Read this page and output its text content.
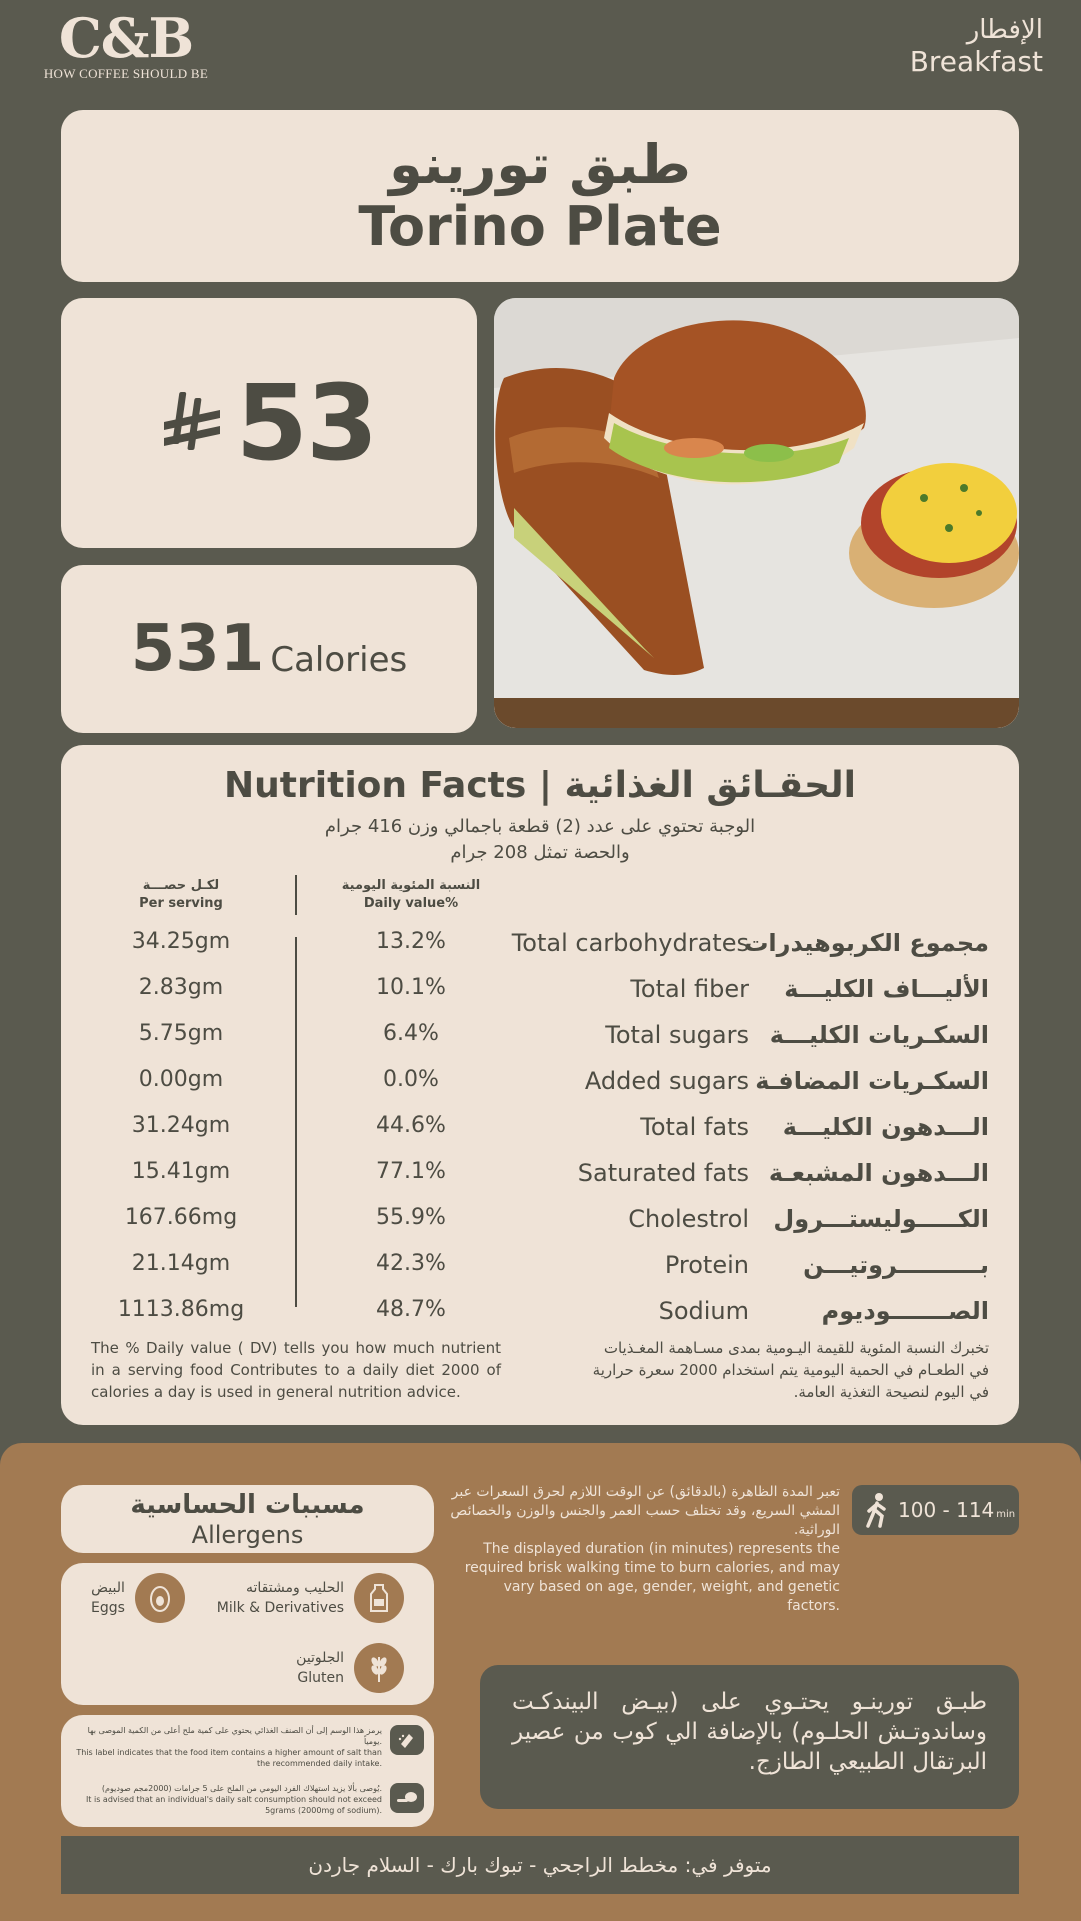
C&B
HOW COFFEE SHOULD BE
الإفطار
Breakfast
طبق تورينو
Torino Plate
53
531 Calories
Nutrition Facts | الحقـائق الغذائية
الوجبة تحتوي على عدد (2) قطعة باجمالي وزن 416 جرام
والحصة تمثل 208 جرام
لكـل حصـــة
Per serving
النسبة المئوية اليومية
Daily value%
34.25gm	13.2%	Total carbohydrates
مجموع الكربوهيدرات
2.83gm	10.1%	Total fiber الأليـــاف الكليـــة
5.75gm	6.4%	Total sugars السكـريات الكليـــة
0.00gm	0.0%	Added sugars السكـريات المضافـة
31.24gm	44.6%	Total fats الـــدهون الكليـــة
15.41gm	77.1%	Saturated fats الـــدهون المشبعـة
167.66mg	55.9%	Cholestrol الكـــــوليستـــرول
21.14gm	42.3%	Protein بــــــــــروتيـــن
1113.86mg	48.7%	Sodium	الصـــــــوديوم
The % Daily value ( DV) tells you how much nutrient in a serving food Contributes to a daily diet 2000 of calories a day is used in general nutrition advice.
تخبرك النسبة المئوية للقيمة اليـومية بمدى مسـاهمة المغـذيات في الطعـام في الحمية اليومية يتم استخدام 2000 سعرة حرارية في اليوم لنصيحة التغذية العامة.
مسببات الحساسية
Allergens
الحليب ومشتقاته
Milk & Derivatives
البيض
Eggs
الجلوتين
Gluten
يرمز هذا الوسم إلى أن الصنف الغذائي يحتوي على كمية ملح أعلى من الكمية الموصى بها يومياً.
This label indicates that the food item contains a higher amount of salt than the recommended daily intake.
يُوصى بألا يزيد استهلاك الفرد اليومي من الملح على 5 جرامات (2000مجم صوديوم).
It is advised that an individual's daily salt consumption should not exceed 5grams (2000mg of sodium).
100 - 114 min
تعبر المدة الظاهرة (بالدقائق) عن الوقت اللازم لحرق السعرات عبر المشي السريع، وقد تختلف حسب العمر والجنس والوزن والخصائص الوراثية.
The displayed duration (in minutes) represents the required brisk walking time to burn calories, and may vary based on age, gender, weight, and genetic factors.
طبـق تورينـو يحتـوي على (بيـض البيندكـت وساندوتـش الحلـوم) بالإضافة الي كوب من عصير البرتقال الطبيعي الطازج.
متوفر في: مخطط الراجحي - تبوك بارك - السلام جاردن
